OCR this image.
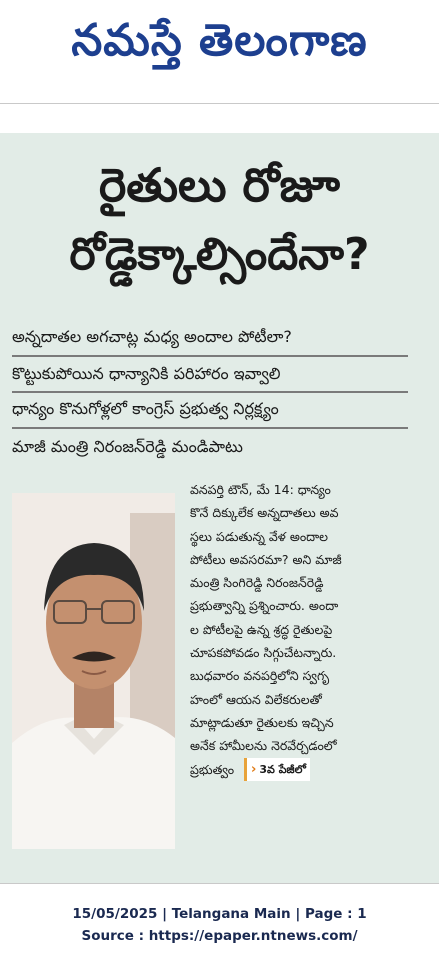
నమస్తే తెలంగాణ
రైతులు రోజూ
రోడ్డెక్కాల్సిందేనా?
అన్నదాతల అగచాట్ల మధ్య అందాల పోటీలా?
కొట్టుకుపోయిన ధాన్యానికి పరిహారం ఇవ్వాలి
ధాన్యం కొనుగోళ్లలో కాంగ్రెస్ ప్రభుత్వ నిర్లక్ష్యం
మాజీ మంత్రి నిరంజన్‌రెడ్డి మండిపాటు
వనపర్తి టౌన్, మే 14: ధాన్యం
కొనే దిక్కులేక అన్నదాతలు అవ
స్థలు పడుతున్న వేళ అందాల
పోటీలు అవసరమా? అని మాజీ
మంత్రి సింగిరెడ్డి నిరంజన్‌రెడ్డి
ప్రభుత్వాన్ని ప్రశ్నించారు. అందా
ల పోటీలపై ఉన్న శ్రద్ధ రైతులపై
చూపకపోవడం సిగ్గుచేటన్నారు.
బుధవారం వనపర్తిలోని స్వగృ
హంలో ఆయన విలేకరులతో
మాట్లాడుతూ రైతులకు ఇచ్చిన
అనేక హామీలను నెరవేర్చడంలో
ప్రభుత్వం › 3వ పేజీలో
15/05/2025 | Telangana Main | Page : 1
Source : https://epaper.ntnews.com/
